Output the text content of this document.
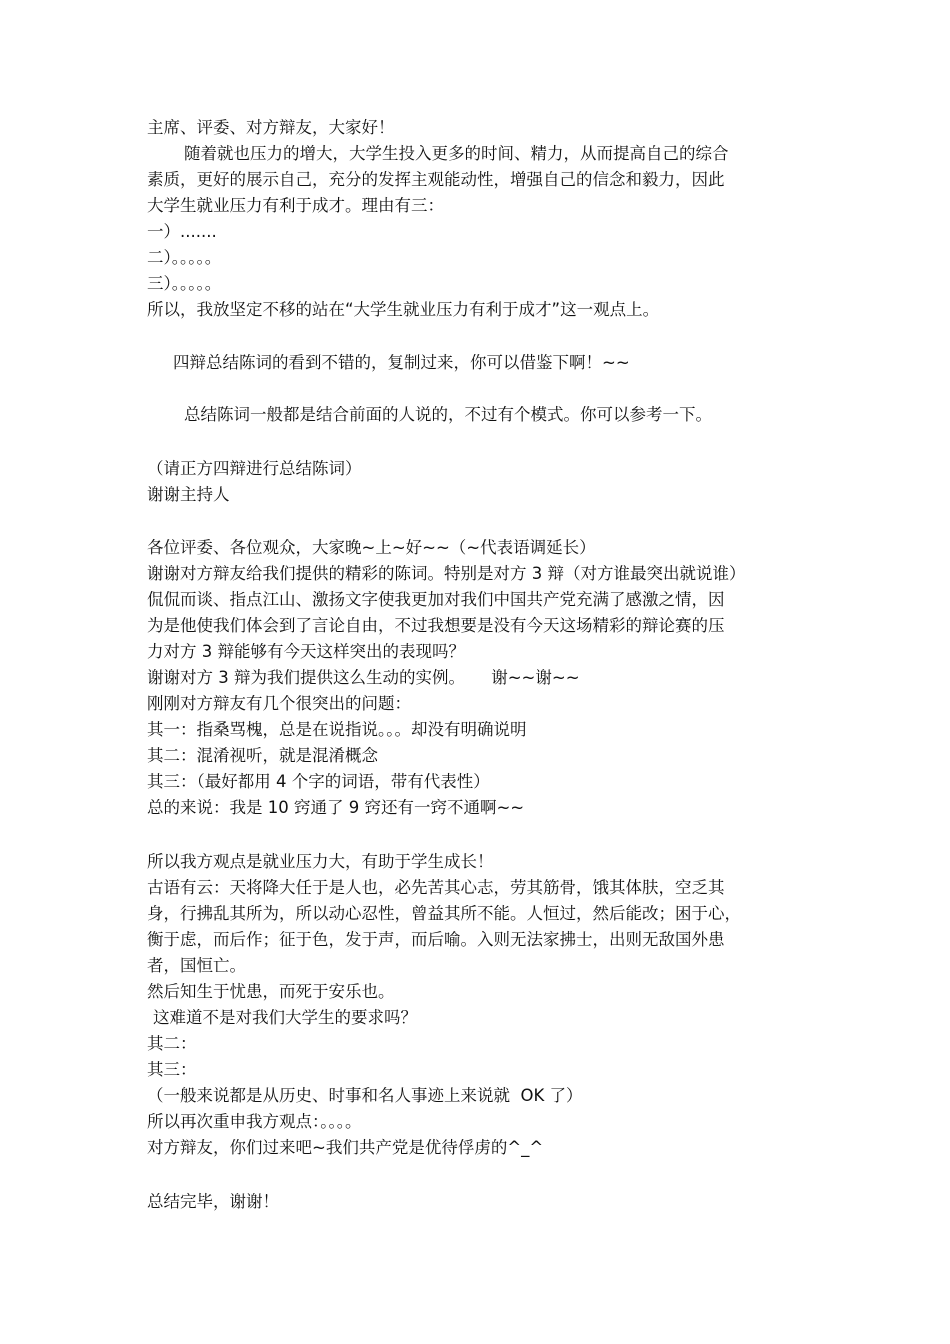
主席、评委、对方辩友，大家好！
随着就也压力的增大，大学生投入更多的时间、精力，从而提高自己的综合
素质，更好的展示自己，充分的发挥主观能动性，增强自己的信念和毅力，因此
大学生就业压力有利于成才。理由有三：
一）.......
二）。。。。。
三）。。。。。
所以，我放坚定不移的站在“大学生就业压力有利于成才”这一观点上。
四辩总结陈词的看到不错的，复制过来，你可以借鉴下啊！~~
总结陈词一般都是结合前面的人说的，不过有个模式。你可以参考一下。
（请正方四辩进行总结陈词）
谢谢主持人
各位评委、各位观众，大家晚~上~好~~（~代表语调延长）
谢谢对方辩友给我们提供的精彩的陈词。特别是对方 3 辩（对方谁最突出就说谁）
侃侃而谈、指点江山、激扬文字使我更加对我们中国共产党充满了感激之情，因
为是他使我们体会到了言论自由，不过我想要是没有今天这场精彩的辩论赛的压
力对方 3 辩能够有今天这样突出的表现吗？
谢谢对方 3 辩为我们提供这么生动的实例。     谢~~谢~~
刚刚对方辩友有几个很突出的问题：
其一：指桑骂槐，总是在说指说。。。却没有明确说明
其二：混淆视听，就是混淆概念
其三：（最好都用 4 个字的词语，带有代表性）
总的来说：我是 10 窍通了 9 窍还有一窍不通啊~~
所以我方观点是就业压力大，有助于学生成长！
古语有云：天将降大任于是人也，必先苦其心志，劳其筋骨，饿其体肤，空乏其
身，行拂乱其所为，所以动心忍性，曾益其所不能。人恒过，然后能改；困于心，
衡于虑，而后作；征于色，发于声，而后喻。入则无法家拂士，出则无敌国外患
者，国恒亡。
然后知生于忧患，而死于安乐也。
这难道不是对我们大学生的要求吗？
其二：
其三：
（一般来说都是从历史、时事和名人事迹上来说就  OK 了）
所以再次重申我方观点：。。。。
对方辩友，你们过来吧~我们共产党是优待俘虏的^_^
总结完毕，谢谢！
